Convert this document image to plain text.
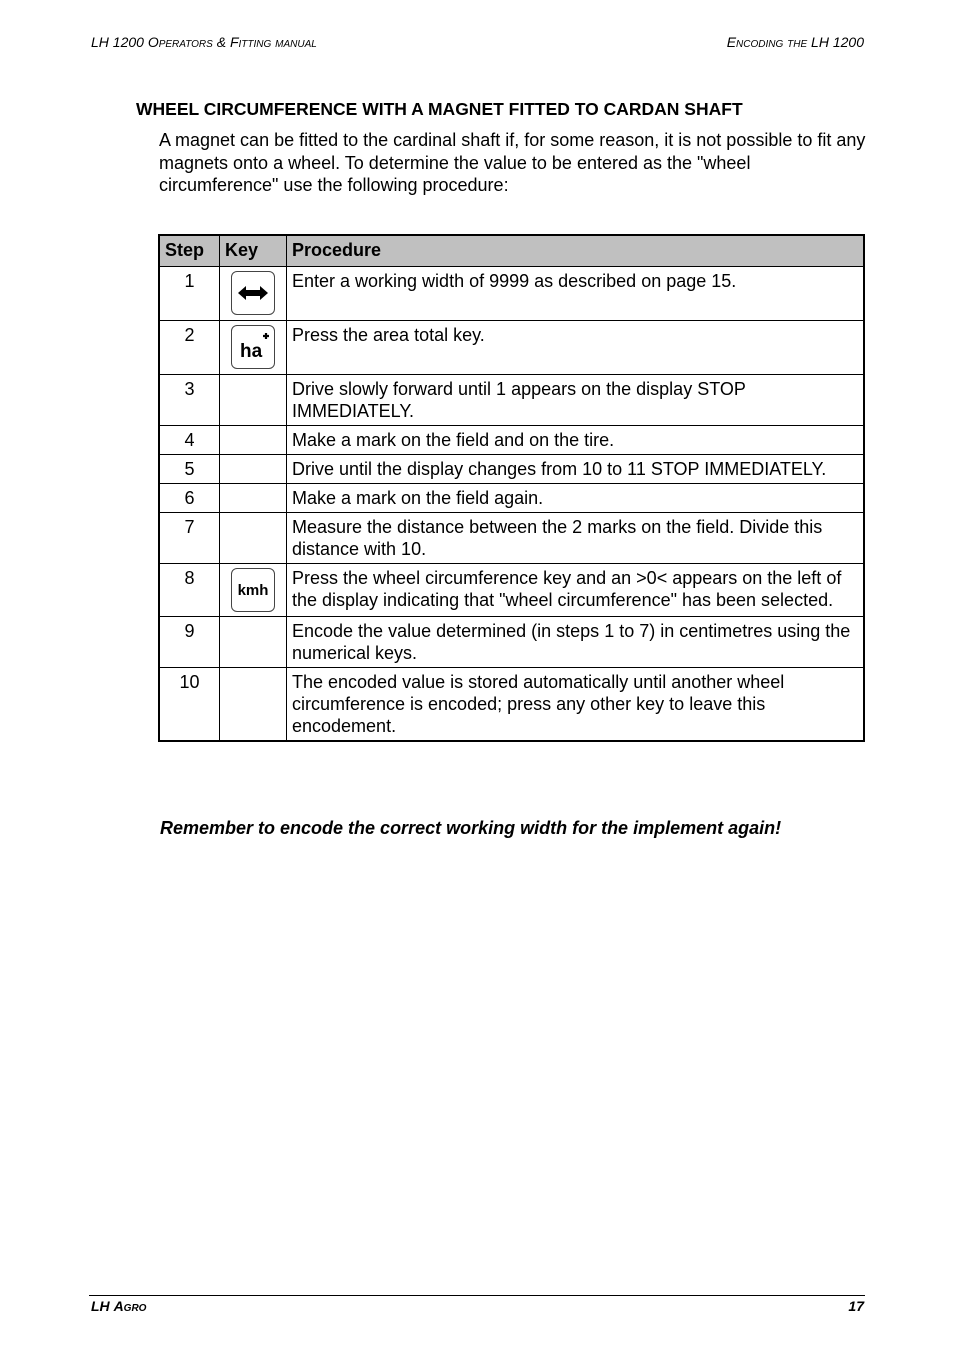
LH 1200 Operators & Fitting manual	Encoding the LH 1200
WHEEL CIRCUMFERENCE WITH A MAGNET FITTED TO CARDAN SHAFT
A magnet can be fitted to the cardinal shaft if, for some reason, it is not possible to fit any magnets onto a wheel. To determine the value to be entered as the "wheel circumference" use the following procedure:
Step	Key	Procedure
1		Enter a working width of 9999 as described on page 15.
2	ha	Press the area total key.
3		Drive slowly forward until 1 appears on the display STOP IMMEDIATELY.
4		Make a mark on the field and on the tire.
5		Drive until the display changes from 10 to 11 STOP IMMEDIATELY.
6		Make a mark on the field again.
7		Measure the distance between the 2 marks on the field. Divide this distance with 10.
8	kmh	Press the wheel circumference key and an >0< appears on the left of the display indicating that "wheel circumference" has been selected.
9		Encode the value determined (in steps 1 to 7) in centimetres using the numerical keys.
10		The encoded value is stored automatically until another wheel circumference is encoded; press any other key to leave this encodement.
Remember to encode the correct working width for the implement again!
LH Agro	17
